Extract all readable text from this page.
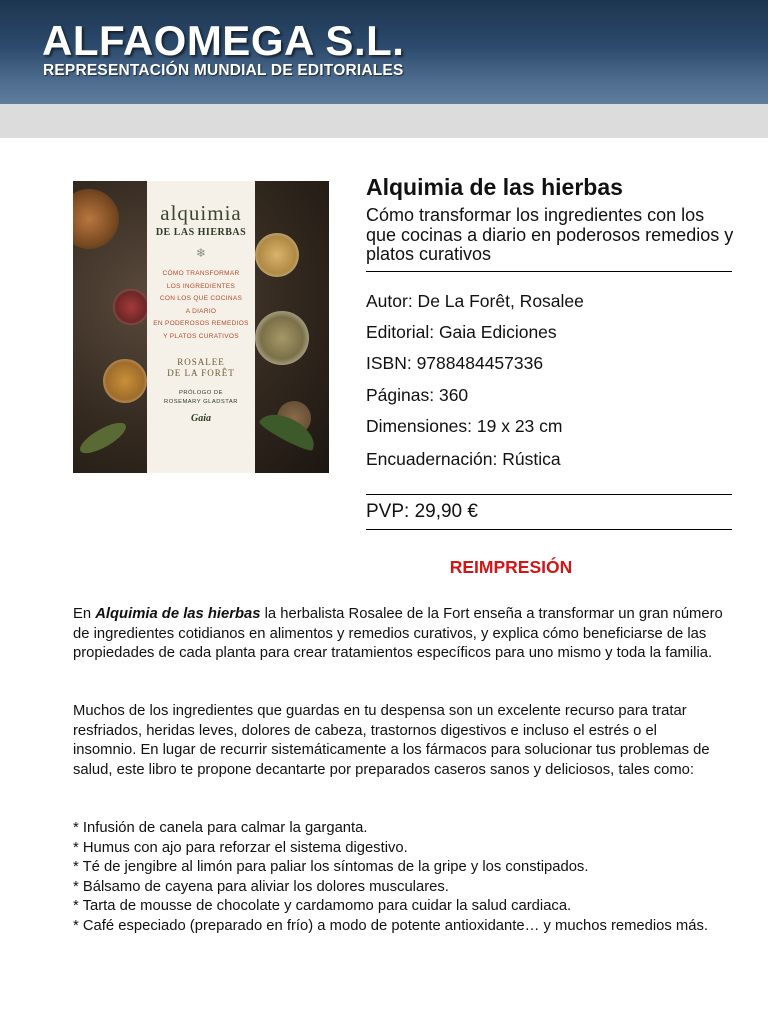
ALFAOMEGA S.L.
REPRESENTACIÓN MUNDIAL DE EDITORIALES
alquimia
DE LAS HIERBAS
❄
CÓMO TRANSFORMAR
LOS INGREDIENTES
CON LOS QUE COCINAS
A DIARIO
EN PODEROSOS REMEDIOS
Y PLATOS CURATIVOS
ROSALEE
DE LA FORÊT
PRÓLOGO DE
ROSEMARY GLADSTAR
Gaia
Alquimia de las hierbas
Cómo transformar los ingredientes con los que cocinas a diario en poderosos remedios y platos curativos
Autor: De La Forêt, Rosalee
Editorial: Gaia Ediciones
ISBN: 9788484457336
Páginas: 360
Dimensiones: 19 x 23 cm
Encuadernación: Rústica
PVP: 29,90 €
REIMPRESIÓN
En Alquimia de las hierbas la herbalista Rosalee de la Fort enseña a transformar un gran número de ingredientes cotidianos en alimentos y remedios curativos, y explica cómo beneficiarse de las propiedades de cada planta para crear tratamientos específicos para uno mismo y toda la familia.
Muchos de los ingredientes que guardas en tu despensa son un excelente recurso para tratar resfriados, heridas leves, dolores de cabeza, trastornos digestivos e incluso el estrés o el insomnio. En lugar de recurrir sistemáticamente a los fármacos para solucionar tus problemas de salud, este libro te propone decantarte por preparados caseros sanos y deliciosos, tales como:
* Infusión de canela para calmar la garganta.
* Humus con ajo para reforzar el sistema digestivo.
* Té de jengibre al limón para paliar los síntomas de la gripe y los constipados.
* Bálsamo de cayena para aliviar los dolores musculares.
* Tarta de mousse de chocolate y cardamomo para cuidar la salud cardiaca.
* Café especiado (preparado en frío) a modo de potente antioxidante… y muchos remedios más.
